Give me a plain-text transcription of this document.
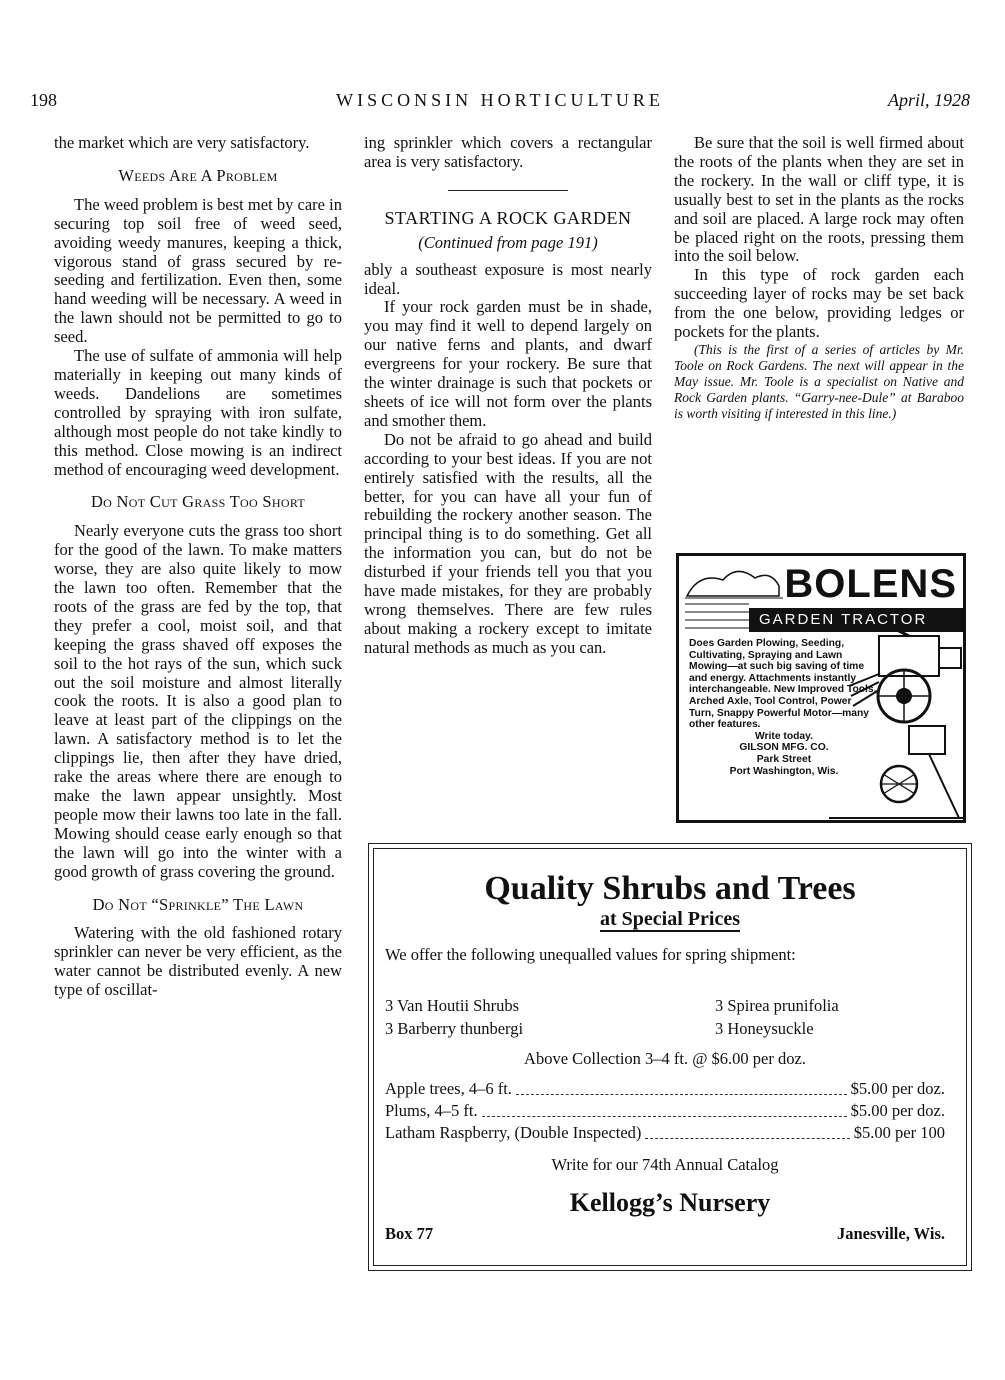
198	WISCONSIN HORTICULTURE	April, 1928

the market which are very satisfactory.

Weeds Are A Problem

The weed problem is best met by care in securing top soil free of weed seed, avoiding weedy manures, keeping a thick, vigorous stand of grass secured by re-seeding and fertilization. Even then, some hand weeding will be necessary. A weed in the lawn should not be permitted to go to seed.

The use of sulfate of ammonia will help materially in keeping out many kinds of weeds. Dandelions are sometimes controlled by spraying with iron sulfate, although most people do not take kindly to this method. Close mowing is an indirect method of encouraging weed development.

Do Not Cut Grass Too Short

Nearly everyone cuts the grass too short for the good of the lawn. To make matters worse, they are also quite likely to mow the lawn too often. Remember that the roots of the grass are fed by the top, that they prefer a cool, moist soil, and that keeping the grass shaved off exposes the soil to the hot rays of the sun, which suck out the soil moisture and almost literally cook the roots. It is also a good plan to leave at least part of the clippings on the lawn. A satisfactory method is to let the clippings lie, then after they have dried, rake the areas where there are enough to make the lawn appear unsightly. Most people mow their lawns too late in the fall. Mowing should cease early enough so that the lawn will go into the winter with a good growth of grass covering the ground.

Do Not “Sprinkle” The Lawn

Watering with the old fashioned rotary sprinkler can never be very efficient, as the water cannot be distributed evenly. A new type of oscillat-

ing sprinkler which covers a rectangular area is very satisfactory.

STARTING A ROCK GARDEN
(Continued from page 191)

ably a southeast exposure is most nearly ideal.

If your rock garden must be in shade, you may find it well to depend largely on our native ferns and plants, and dwarf evergreens for your rockery. Be sure that the winter drainage is such that pockets or sheets of ice will not form over the plants and smother them.

Do not be afraid to go ahead and build according to your best ideas. If you are not entirely satisfied with the results, all the better, for you can have all your fun of rebuilding the rockery another season. The principal thing is to do something. Get all the information you can, but do not be disturbed if your friends tell you that you have made mistakes, for they are probably wrong themselves. There are few rules about making a rockery except to imitate natural methods as much as you can.

Be sure that the soil is well firmed about the roots of the plants when they are set in the rockery. In the wall or cliff type, it is usually best to set in the plants as the rocks and soil are placed. A large rock may often be placed right on the roots, pressing them into the soil below.

In this type of rock garden each succeeding layer of rocks may be set back from the one below, providing ledges or pockets for the plants.

(This is the first of a series of articles by Mr. Toole on Rock Gardens. The next will appear in the May issue. Mr. Toole is a specialist on Native and Rock Garden plants. “Garry-nee-Dule” at Baraboo is worth visiting if interested in this line.)

BOLENS
GARDEN TRACTOR
Does Garden Plowing, Seeding, Cultivating, Spraying and Lawn Mowing—at such big saving of time and energy. Attachments instantly interchangeable. New Improved Tools. Arched Axle, Tool Control, Power Turn, Snappy Powerful Motor—many other features.
Write today.
GILSON MFG. CO.
Park Street
Port Washington, Wis.
Quality Shrubs and Trees
at Special Prices
We offer the following unequalled values for spring shipment:
3 Van Houtii Shrubs	3 Spirea prunifolia
3 Barberry thunbergi	3 Honeysuckle
Above Collection 3–4 ft. @ $6.00 per doz.
Apple trees, 4–6 ft.	$5.00 per doz.
Plums, 4–5 ft.	$5.00 per doz.
Latham Raspberry, (Double Inspected)	$5.00 per 100
Write for our 74th Annual Catalog
Kellogg’s Nursery
Box 77	Janesville, Wis.
